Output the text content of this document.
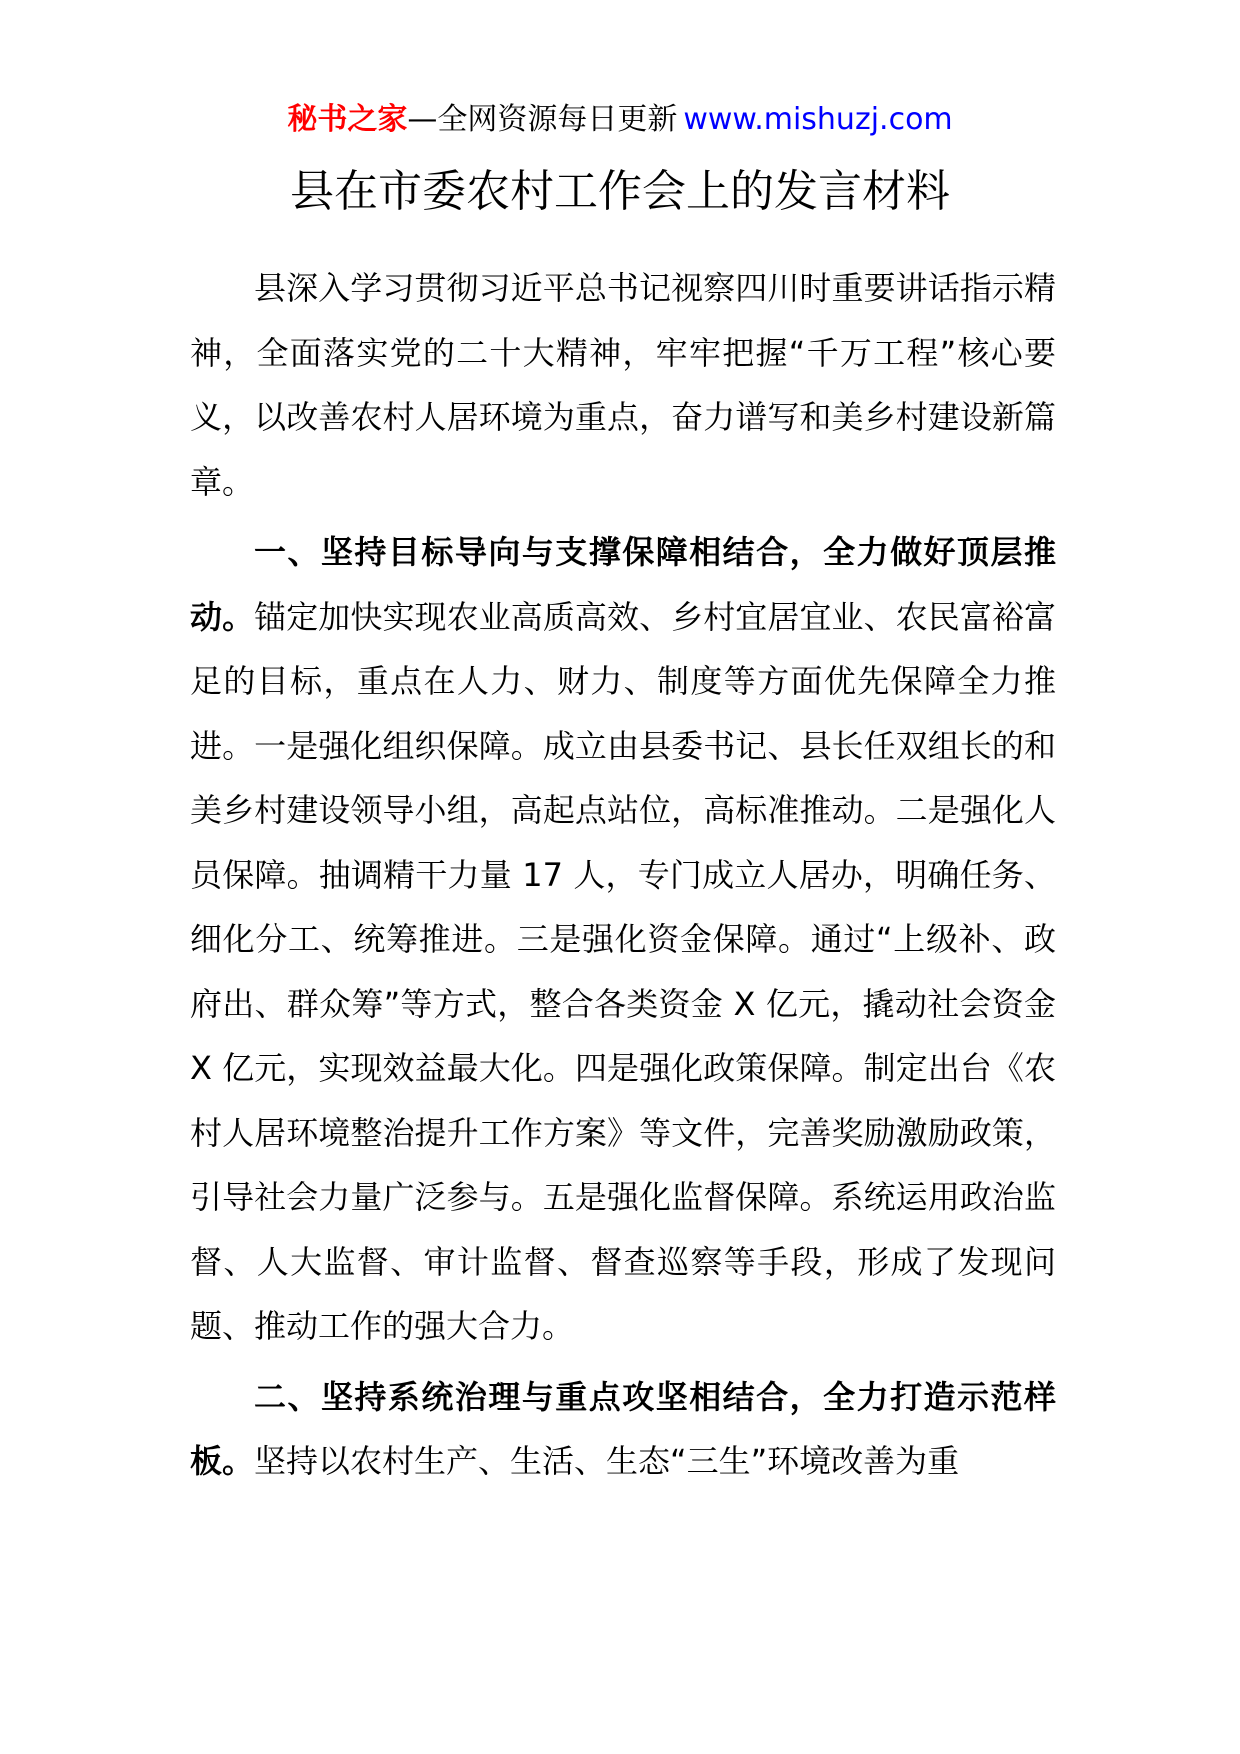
秘书之家—全网资源每日更新 www.mishuzj.com
县在市委农村工作会上的发言材料

县深入学习贯彻习近平总书记视察四川时重要讲话指示精神，全面落实党的二十大精神，牢牢把握“千万工程”核心要义，以改善农村人居环境为重点，奋力谱写和美乡村建设新篇章。

一、坚持目标导向与支撑保障相结合，全力做好顶层推动。锚定加快实现农业高质高效、乡村宜居宜业、农民富裕富足的目标，重点在人力、财力、制度等方面优先保障全力推进。一是强化组织保障。成立由县委书记、县长任双组长的和美乡村建设领导小组，高起点站位，高标准推动。二是强化人员保障。抽调精干力量 17 人，专门成立人居办，明确任务、细化分工、统筹推进。三是强化资金保障。通过“上级补、政府出、群众筹”等方式，整合各类资金 X 亿元，撬动社会资金 X 亿元，实现效益最大化。四是强化政策保障。制定出台《农村人居环境整治提升工作方案》等文件，完善奖励激励政策，引导社会力量广泛参与。五是强化监督保障。系统运用政治监督、人大监督、审计监督、督查巡察等手段，形成了发现问题、推动工作的强大合力。

二、坚持系统治理与重点攻坚相结合，全力打造示范样板。坚持以农村生产、生活、生态“三生”环境改善为重
